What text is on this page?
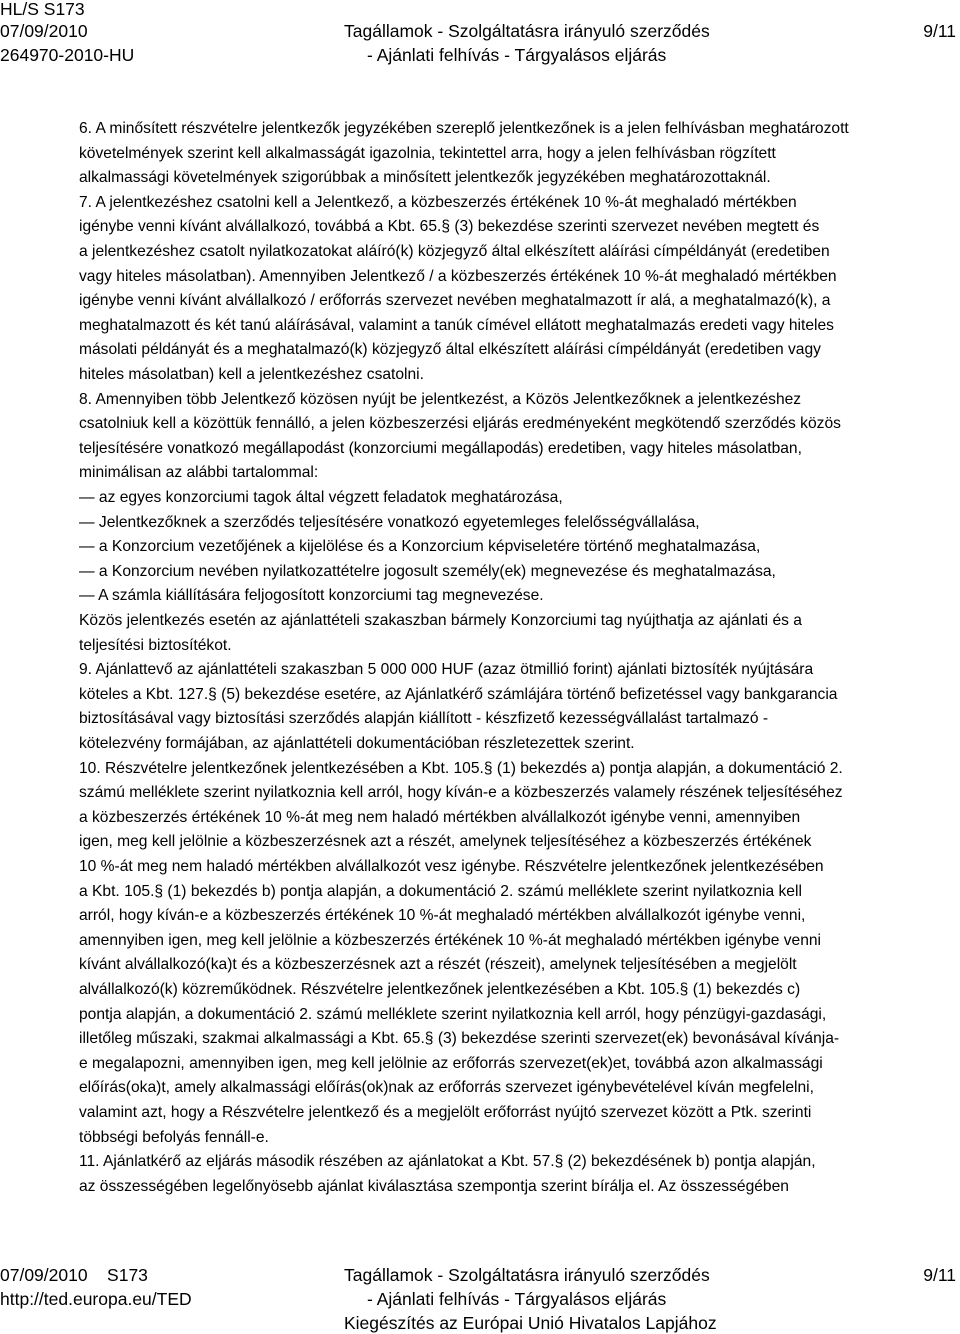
HL/S S173
07/09/2010
264970-2010-HU
Tagállamok - Szolgáltatásra irányuló szerződés
- Ajánlati felhívás - Tárgyalásos eljárás
9/11
6. A minősített részvételre jelentkezők jegyzékében szereplő jelentkezőnek is a jelen felhívásban meghatározott
követelmények szerint kell alkalmasságát igazolnia, tekintettel arra, hogy a jelen felhívásban rögzített
alkalmassági követelmények szigorúbbak a minősített jelentkezők jegyzékében meghatározottaknál.
7. A jelentkezéshez csatolni kell a Jelentkező, a közbeszerzés értékének 10 %-át meghaladó mértékben
igénybe venni kívánt alvállalkozó, továbbá a Kbt. 65.§ (3) bekezdése szerinti szervezet nevében megtett és
a jelentkezéshez csatolt nyilatkozatokat aláíró(k) közjegyző által elkészített aláírási címpéldányát (eredetiben
vagy hiteles másolatban). Amennyiben Jelentkező / a közbeszerzés értékének 10 %-át meghaladó mértékben
igénybe venni kívánt alvállalkozó / erőforrás szervezet nevében meghatalmazott ír alá, a meghatalmazó(k), a
meghatalmazott és két tanú aláírásával, valamint a tanúk címével ellátott meghatalmazás eredeti vagy hiteles
másolati példányát és a meghatalmazó(k) közjegyző által elkészített aláírási címpéldányát (eredetiben vagy
hiteles másolatban) kell a jelentkezéshez csatolni.
8. Amennyiben több Jelentkező közösen nyújt be jelentkezést, a Közös Jelentkezőknek a jelentkezéshez
csatolniuk kell a közöttük fennálló, a jelen közbeszerzési eljárás eredményeként megkötendő szerződés közös
teljesítésére vonatkozó megállapodást (konzorciumi megállapodás) eredetiben, vagy hiteles másolatban,
minimálisan az alábbi tartalommal:
— az egyes konzorciumi tagok által végzett feladatok meghatározása,
— Jelentkezőknek a szerződés teljesítésére vonatkozó egyetemleges felelősségvállalása,
— a Konzorcium vezetőjének a kijelölése és a Konzorcium képviseletére történő meghatalmazása,
— a Konzorcium nevében nyilatkozattételre jogosult személy(ek) megnevezése és meghatalmazása,
— A számla kiállítására feljogosított konzorciumi tag megnevezése.
Közös jelentkezés esetén az ajánlattételi szakaszban bármely Konzorciumi tag nyújthatja az ajánlati és a
teljesítési biztosítékot.
9. Ajánlattevő az ajánlattételi szakaszban 5 000 000 HUF (azaz ötmillió forint) ajánlati biztosíték nyújtására
köteles a Kbt. 127.§ (5) bekezdése esetére, az Ajánlatkérő számlájára történő befizetéssel vagy bankgarancia
biztosításával vagy biztosítási szerződés alapján kiállított - készfizető kezességvállalást tartalmazó -
kötelezvény formájában, az ajánlattételi dokumentációban részletezettek szerint.
10. Részvételre jelentkezőnek jelentkezésében a Kbt. 105.§ (1) bekezdés a) pontja alapján, a dokumentáció 2.
számú melléklete szerint nyilatkoznia kell arról, hogy kíván-e a közbeszerzés valamely részének teljesítéséhez
a közbeszerzés értékének 10 %-át meg nem haladó mértékben alvállalkozót igénybe venni, amennyiben
igen, meg kell jelölnie a közbeszerzésnek azt a részét, amelynek teljesítéséhez a közbeszerzés értékének
10 %-át meg nem haladó mértékben alvállalkozót vesz igénybe. Részvételre jelentkezőnek jelentkezésében
a Kbt. 105.§ (1) bekezdés b) pontja alapján, a dokumentáció 2. számú melléklete szerint nyilatkoznia kell
arról, hogy kíván-e a közbeszerzés értékének 10 %-át meghaladó mértékben alvállalkozót igénybe venni,
amennyiben igen, meg kell jelölnie a közbeszerzés értékének 10 %-át meghaladó mértékben igénybe venni
kívánt alvállalkozó(ka)t és a közbeszerzésnek azt a részét (részeit), amelynek teljesítésében a megjelölt
alvállalkozó(k) közreműködnek. Részvételre jelentkezőnek jelentkezésében a Kbt. 105.§ (1) bekezdés c)
pontja alapján, a dokumentáció 2. számú melléklete szerint nyilatkoznia kell arról, hogy pénzügyi-gazdasági,
illetőleg műszaki, szakmai alkalmassági a Kbt. 65.§ (3) bekezdése szerinti szervezet(ek) bevonásával kívánja-
e megalapozni, amennyiben igen, meg kell jelölnie az erőforrás szervezet(ek)et, továbbá azon alkalmassági
előírás(oka)t, amely alkalmassági előírás(ok)nak az erőforrás szervezet igénybevételével kíván megfelelni,
valamint azt, hogy a Részvételre jelentkező és a megjelölt erőforrást nyújtó szervezet között a Ptk. szerinti
többségi befolyás fennáll-e.
11. Ajánlatkérő az eljárás második részében az ajánlatokat a Kbt. 57.§ (2) bekezdésének b) pontja alapján,
az összességében legelőnyösebb ajánlat kiválasztása szempontja szerint bírálja el. Az összességében
07/09/2010    S173
http://ted.europa.eu/TED
Tagállamok - Szolgáltatásra irányuló szerződés
- Ajánlati felhívás - Tárgyalásos eljárás
Kiegészítés az Európai Unió Hivatalos Lapjához
9/11
